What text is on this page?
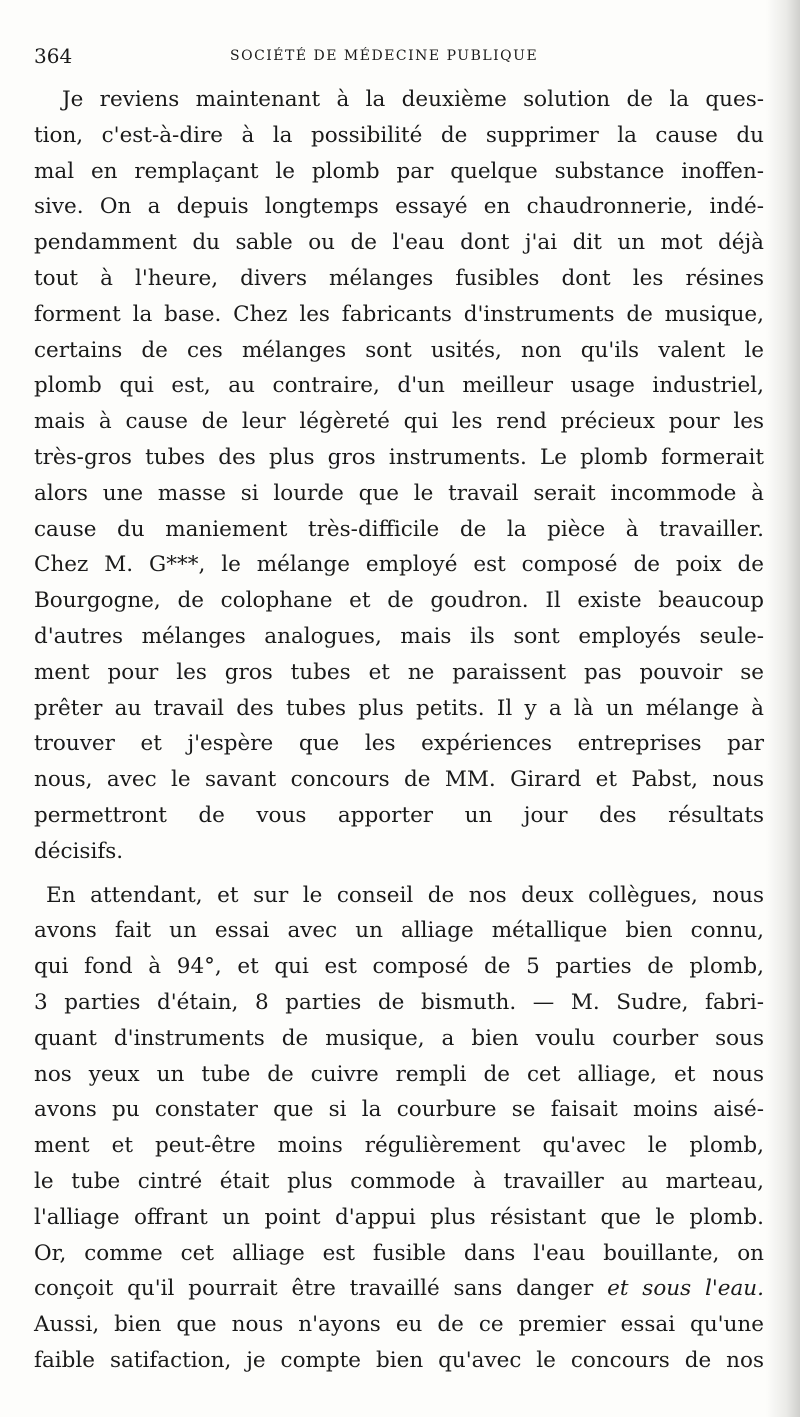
364	SOCIÉTÉ DE MÉDECINE PUBLIQUE
Je reviens maintenant à la deuxième solution de la ques-
tion, c'est-à-dire à la possibilité de supprimer la cause du
mal en remplaçant le plomb par quelque substance inoffen-
sive. On a depuis longtemps essayé en chaudronnerie, indé-
pendamment du sable ou de l'eau dont j'ai dit un mot déjà
tout à l'heure, divers mélanges fusibles dont les résines
forment la base. Chez les fabricants d'instruments de musique,
certains de ces mélanges sont usités, non qu'ils valent le
plomb qui est, au contraire, d'un meilleur usage industriel,
mais à cause de leur légèreté qui les rend précieux pour les
très-gros tubes des plus gros instruments. Le plomb formerait
alors une masse si lourde que le travail serait incommode à
cause du maniement très-difficile de la pièce à travailler.
Chez M. G***, le mélange employé est composé de poix de
Bourgogne, de colophane et de goudron. Il existe beaucoup
d'autres mélanges analogues, mais ils sont employés seule-
ment pour les gros tubes et ne paraissent pas pouvoir se
prêter au travail des tubes plus petits. Il y a là un mélange à
trouver et j'espère que les expériences entreprises par
nous, avec le savant concours de MM. Girard et Pabst, nous
permettront de vous apporter un jour des résultats
décisifs.
En attendant, et sur le conseil de nos deux collègues, nous
avons fait un essai avec un alliage métallique bien connu,
qui fond à 94°, et qui est composé de 5 parties de plomb,
3 parties d'étain, 8 parties de bismuth. — M. Sudre, fabri-
quant d'instruments de musique, a bien voulu courber sous
nos yeux un tube de cuivre rempli de cet alliage, et nous
avons pu constater que si la courbure se faisait moins aisé-
ment et peut-être moins régulièrement qu'avec le plomb,
le tube cintré était plus commode à travailler au marteau,
l'alliage offrant un point d'appui plus résistant que le plomb.
Or, comme cet alliage est fusible dans l'eau bouillante, on
conçoit qu'il pourrait être travaillé sans danger et sous l'eau.
Aussi, bien que nous n'ayons eu de ce premier essai qu'une
faible satifaction, je compte bien qu'avec le concours de nos
